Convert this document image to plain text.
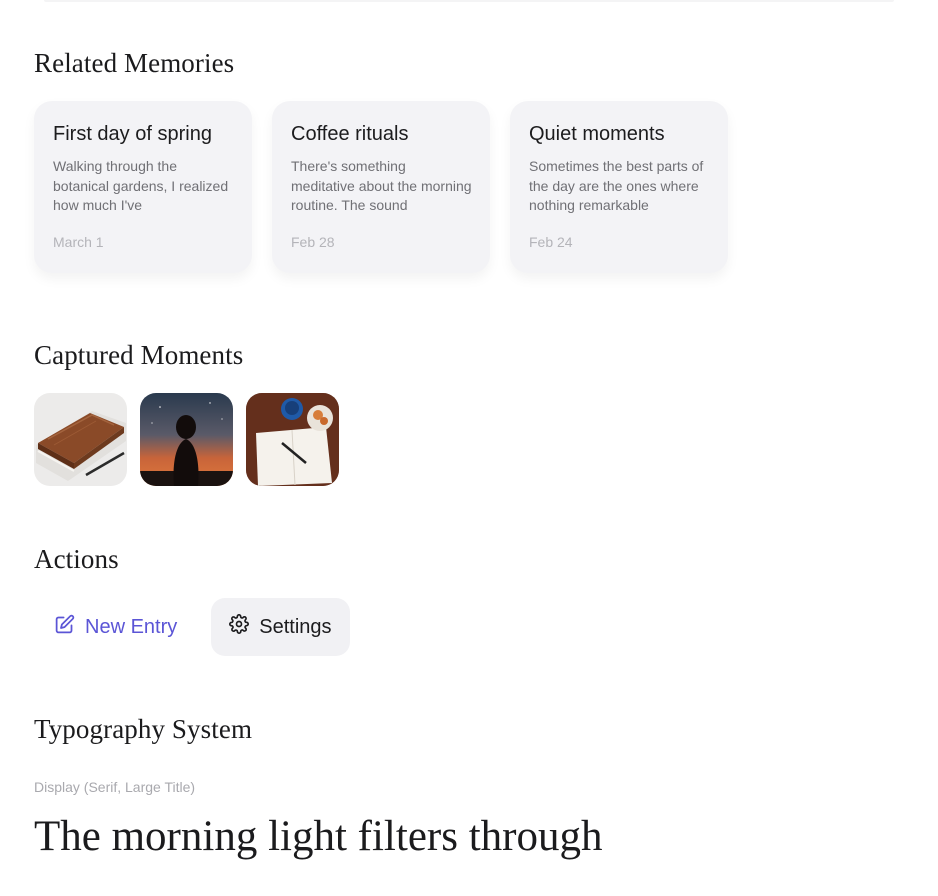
Related Memories
First day of spring
Walking through the botanical gardens, I realized how much I've
March 1
Coffee rituals
There's something meditative about the morning routine. The sound
Feb 28
Quiet moments
Sometimes the best parts of the day are the ones where nothing remarkable
Feb 24
Captured Moments
Actions
New Entry	Settings
Typography System
Display (Serif, Large Title)
The morning light filters through
